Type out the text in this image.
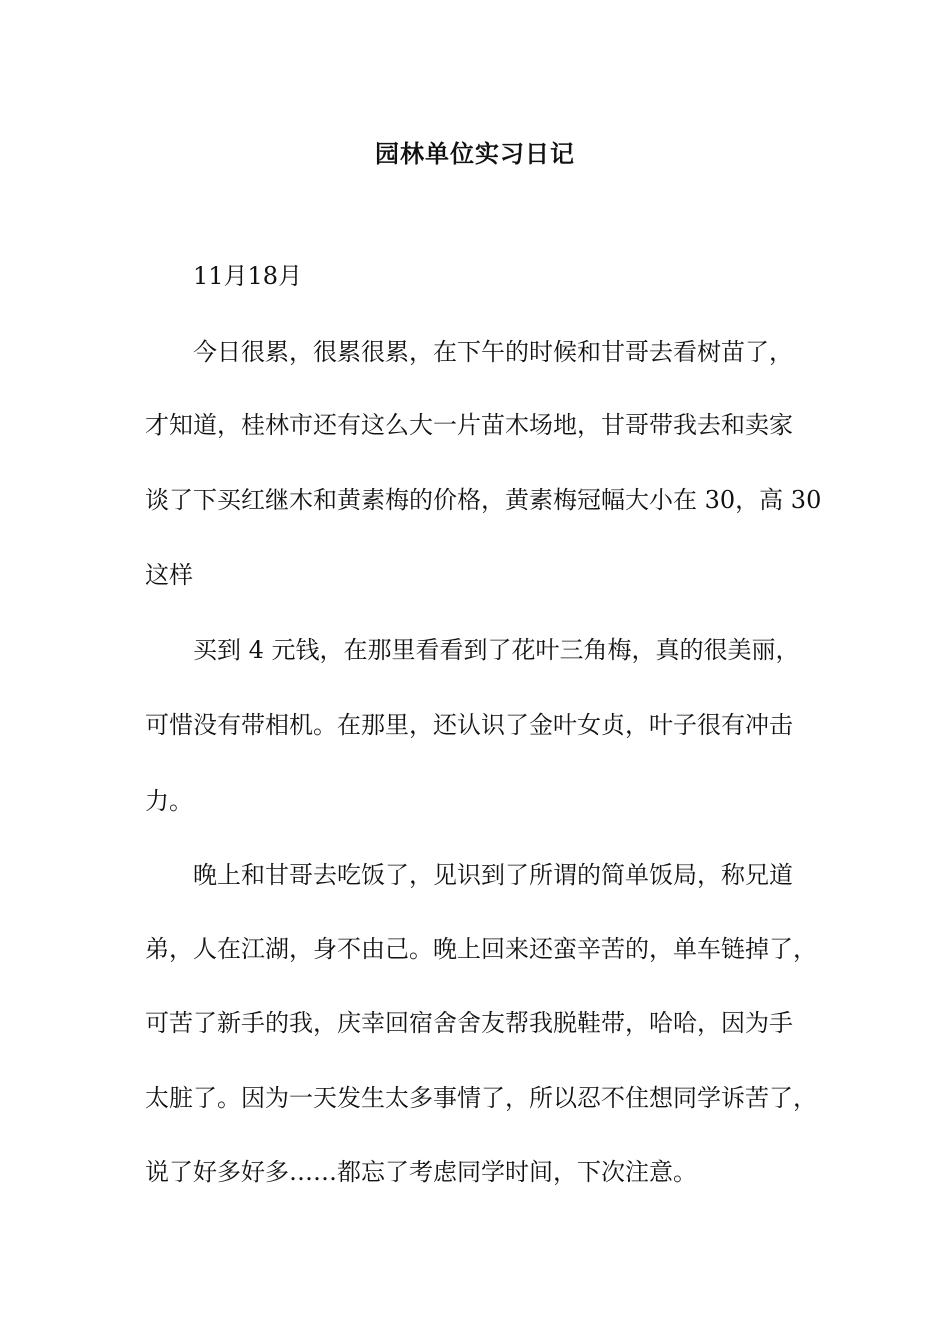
园林单位实习日记
11月18月
今日很累，很累很累，在下午的时候和甘哥去看树苗了，
才知道，桂林市还有这么大一片苗木场地，甘哥带我去和卖家
谈了下买红继木和黄素梅的价格，黄素梅冠幅大小在 30，高 30
这样
买到 4 元钱，在那里看看到了花叶三角梅，真的很美丽，
可惜没有带相机。在那里，还认识了金叶女贞，叶子很有冲击
力。
晚上和甘哥去吃饭了，见识到了所谓的简单饭局，称兄道
弟，人在江湖，身不由己。晚上回来还蛮辛苦的，单车链掉了，
可苦了新手的我，庆幸回宿舍舍友帮我脱鞋带，哈哈，因为手
太脏了。因为一天发生太多事情了，所以忍不住想同学诉苦了，
说了好多好多……都忘了考虑同学时间，下次注意。
